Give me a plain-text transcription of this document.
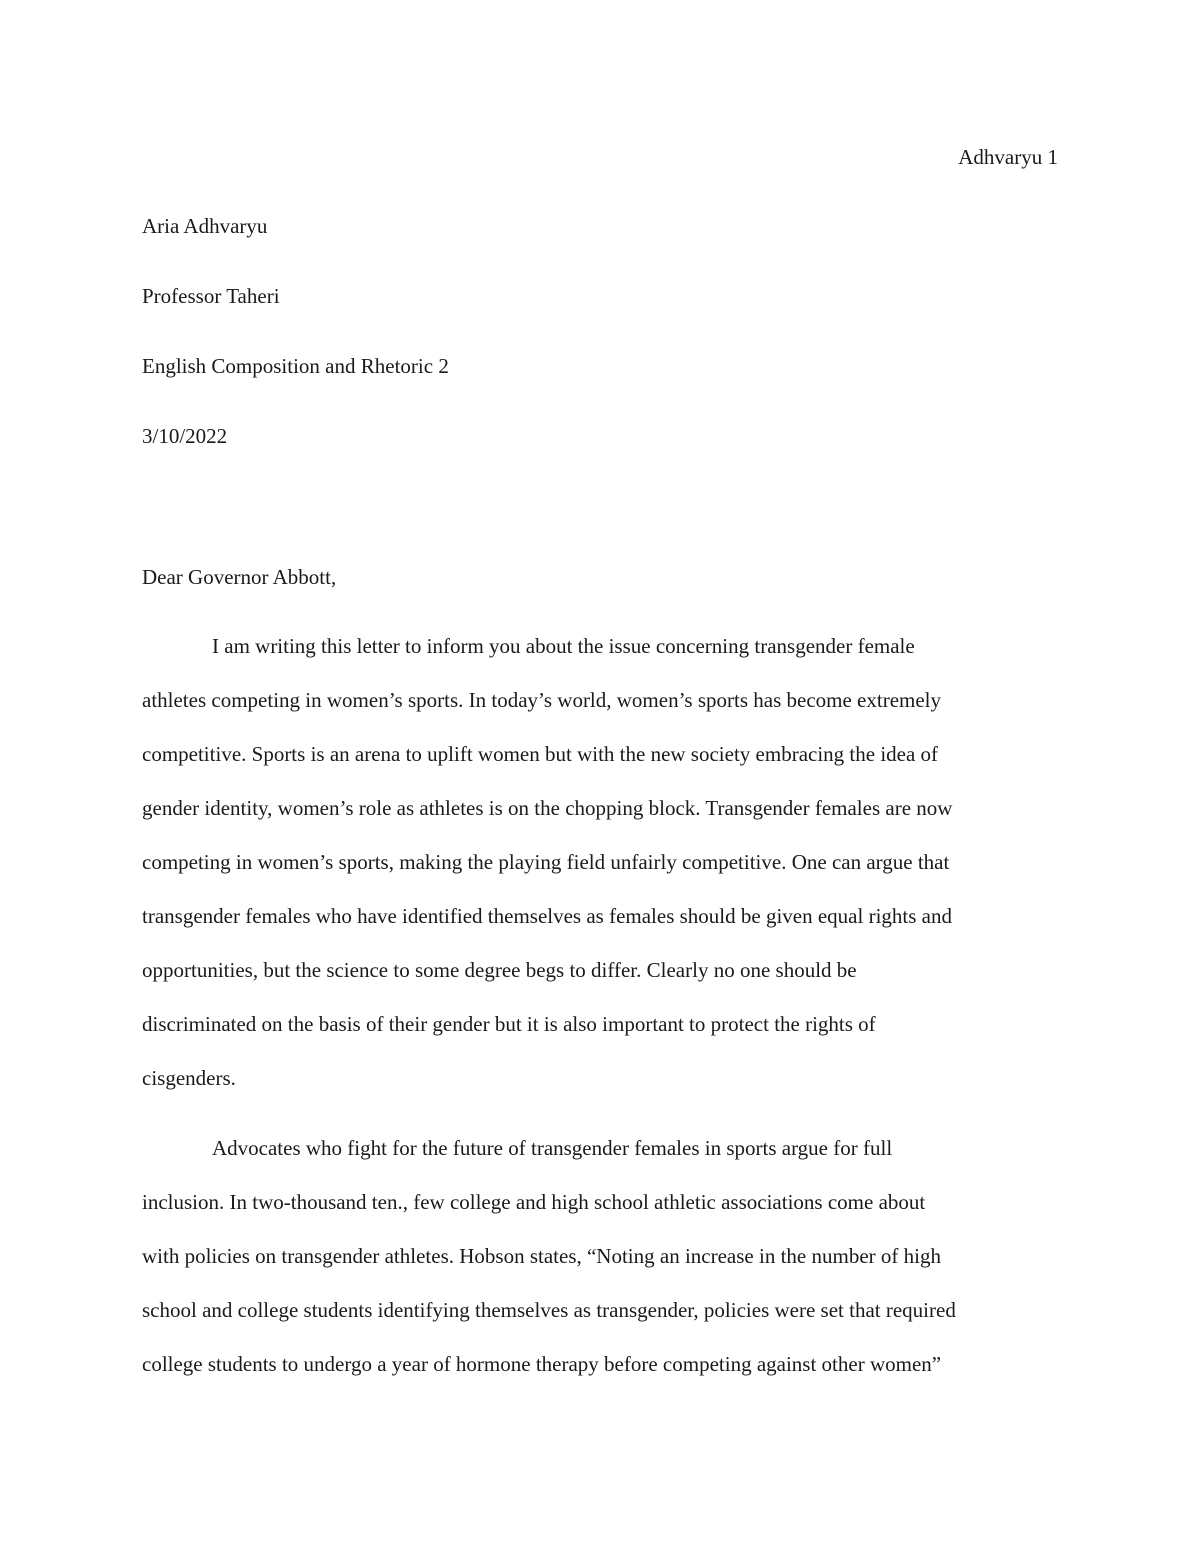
Adhvaryu 1
Aria Adhvaryu
Professor Taheri
English Composition and Rhetoric 2
3/10/2022
Dear Governor Abbott,
I am writing this letter to inform you about the issue concerning transgender female
athletes competing in women’s sports. In today’s world, women’s sports has become extremely
competitive. Sports is an arena to uplift women but with the new society embracing the idea of
gender identity, women’s role as athletes is on the chopping block. Transgender females are now
competing in women’s sports, making the playing field unfairly competitive. One can argue that
transgender females who have identified themselves as females should be given equal rights and
opportunities, but the science to some degree begs to differ. Clearly no one should be
discriminated on the basis of their gender but it is also important to protect the rights of
cisgenders.
Advocates who fight for the future of transgender females in sports argue for full
inclusion. In two-thousand ten., few college and high school athletic associations come about
with policies on transgender athletes. Hobson states, “Noting an increase in the number of high
school and college students identifying themselves as transgender, policies were set that required
college students to undergo a year of hormone therapy before competing against other women”
